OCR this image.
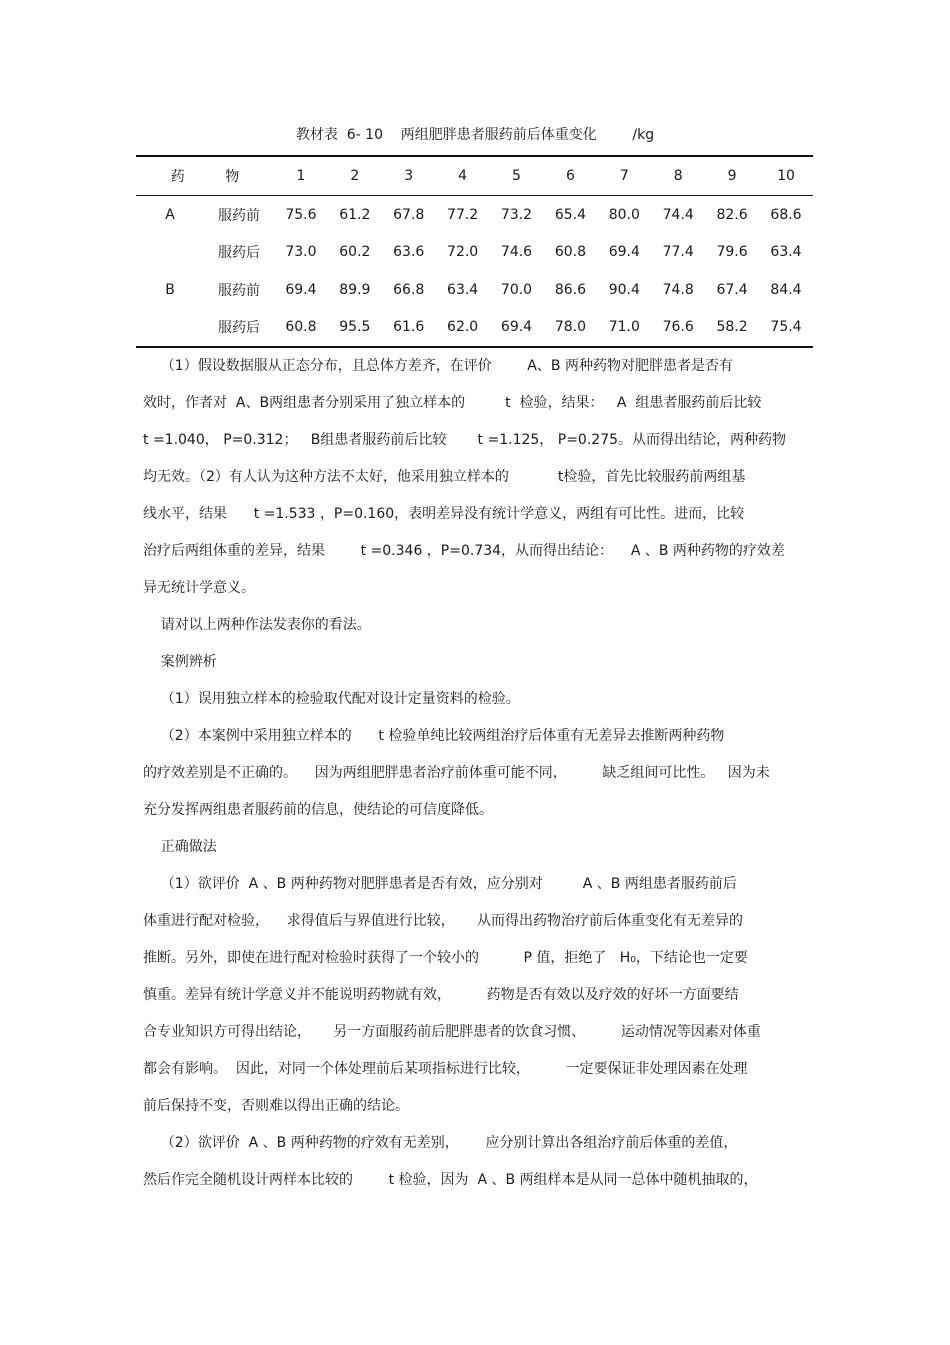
教材表  6- 10    两组肥胖患者服药前后体重变化        /kg
药 物		1	2	3	4	5	6	7	8	9	10
A	服药前	75.6	61.2	67.8	77.2	73.2	65.4	80.0	74.4	82.6	68.6
	服药后	73.0	60.2	63.6	72.0	74.6	60.8	69.4	77.4	79.6	63.4
B	服药前	69.4	89.9	66.8	63.4	70.0	86.6	90.4	74.8	67.4	84.4
	服药后	60.8	95.5	61.6	62.0	69.4	78.0	71.0	76.6	58.2	75.4

（1）假设数据服从正态分布，且总体方差齐，在评价        A、B 两种药物对肥胖患者是否有

效时，作者对  A、B两组患者分别采用了独立样本的         t  检验，结果：   A  组患者服药前后比较

t =1.040， P=0.312；   B组患者服药前后比较       t =1.125， P=0.275。从而得出结论，两种药物

均无效。（2）有人认为这种方法不太好，他采用独立样本的           t检验，首先比较服药前两组基

线水平，结果      t =1.533 ，P=0.160，表明差异没有统计学意义，两组有可比性。进而，比较

治疗后两组体重的差异，结果        t =0.346 ，P=0.734，从而得出结论：    A 、B 两种药物的疗效差

异无统计学意义。

请对以上两种作法发表你的看法。

案例辨析

（1）误用独立样本的检验取代配对设计定量资料的检验。

（2）本案例中采用独立样本的      t 检验单纯比较两组治疗后体重有无差异去推断两种药物

的疗效差别是不正确的。    因为两组肥胖患者治疗前体重可能不同，        缺乏组间可比性。   因为未

充分发挥两组患者服药前的信息，使结论的可信度降低。

正确做法

（1）欲评价  A 、B 两种药物对肥胖患者是否有效，应分别对         A 、B 两组患者服药前后

体重进行配对检验，    求得值后与界值进行比较，     从而得出药物治疗前后体重变化有无差异的

推断。另外，即使在进行配对检验时获得了一个较小的          P 值，拒绝了   H₀，下结论也一定要

慎重。差异有统计学意义并不能说明药物就有效，        药物是否有效以及疗效的好坏一方面要结

合专业知识方可得出结论，     另一方面服药前后肥胖患者的饮食习惯、        运动情况等因素对体重

都会有影响。  因此，对同一个体处理前后某项指标进行比较，        一定要保证非处理因素在处理

前后保持不变，否则难以得出正确的结论。

（2）欲评价  A 、B 两种药物的疗效有无差别，      应分别计算出各组治疗前后体重的差值，

然后作完全随机设计两样本比较的        t 检验，因为  A 、B 两组样本是从同一总体中随机抽取的，
